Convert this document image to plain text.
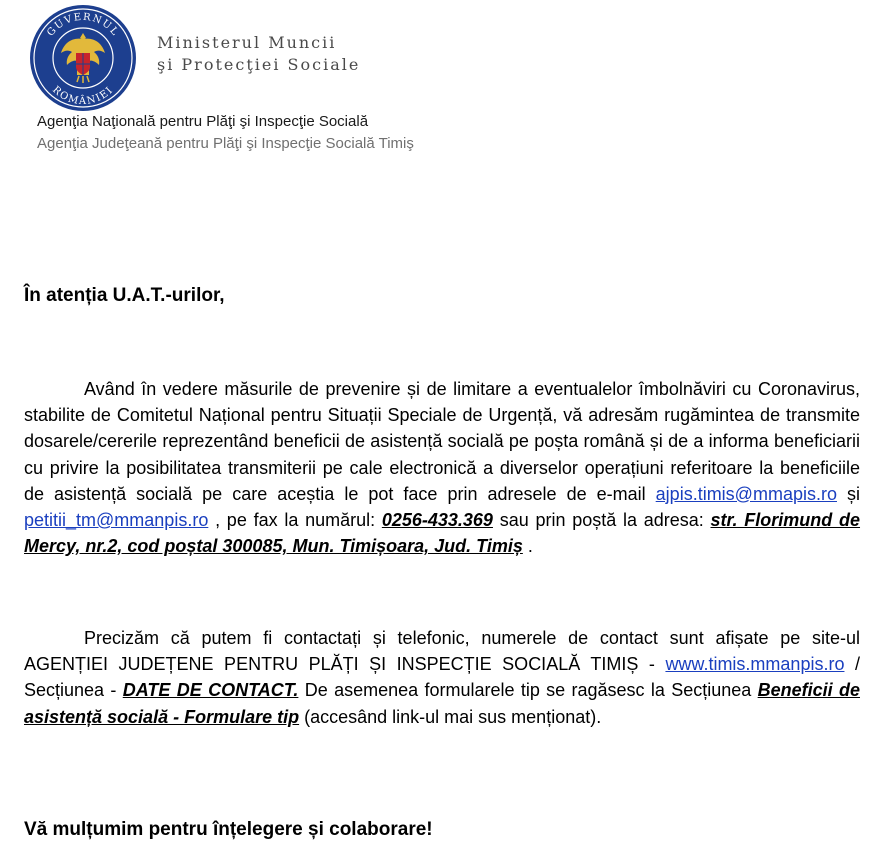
GUVERNUL
ROMÂNIEI
Ministerul Muncii
şi Protecţiei Sociale
Agenţia Naţională pentru Plăţi şi Inspecţie Socială
Agenţia Judeţeană pentru Plăţi şi Inspecţie Socială Timiş

În atenția U.A.T.-urilor,

Având în vedere măsurile de prevenire și de limitare a eventualelor îmbolnăviri cu Coronavirus, stabilite de Comitetul Național pentru Situații Speciale de Urgență, vă adresăm rugămintea de transmite dosarele/cererile reprezentând beneficii de asistență socială pe poșta română și de a informa beneficiarii cu privire la posibilitatea transmiterii pe cale electronică a diverselor operațiuni referitoare la beneficiile de asistență socială pe care aceștia le pot face prin adresele de e-mail ajpis.timis@mmapis.ro și petitii_tm@mmanpis.ro , pe fax la numărul: 0256-433.369 sau prin poștă la adresa: str. Florimund de Mercy, nr.2, cod poștal 300085, Mun. Timișoara, Jud. Timiș .

Precizăm că putem fi contactați și telefonic, numerele de contact sunt afișate pe site-ul AGENȚIEI JUDEȚENE PENTRU PLĂȚI ȘI INSPECȚIE SOCIALĂ TIMIȘ - www.timis.mmanpis.ro / Secțiunea - DATE DE CONTACT. De asemenea formularele tip se ragăsesc la Secțiunea Beneficii de asistență socială - Formulare tip (accesând link-ul mai sus menționat).

Vă mulțumim pentru înțelegere și colaborare!
